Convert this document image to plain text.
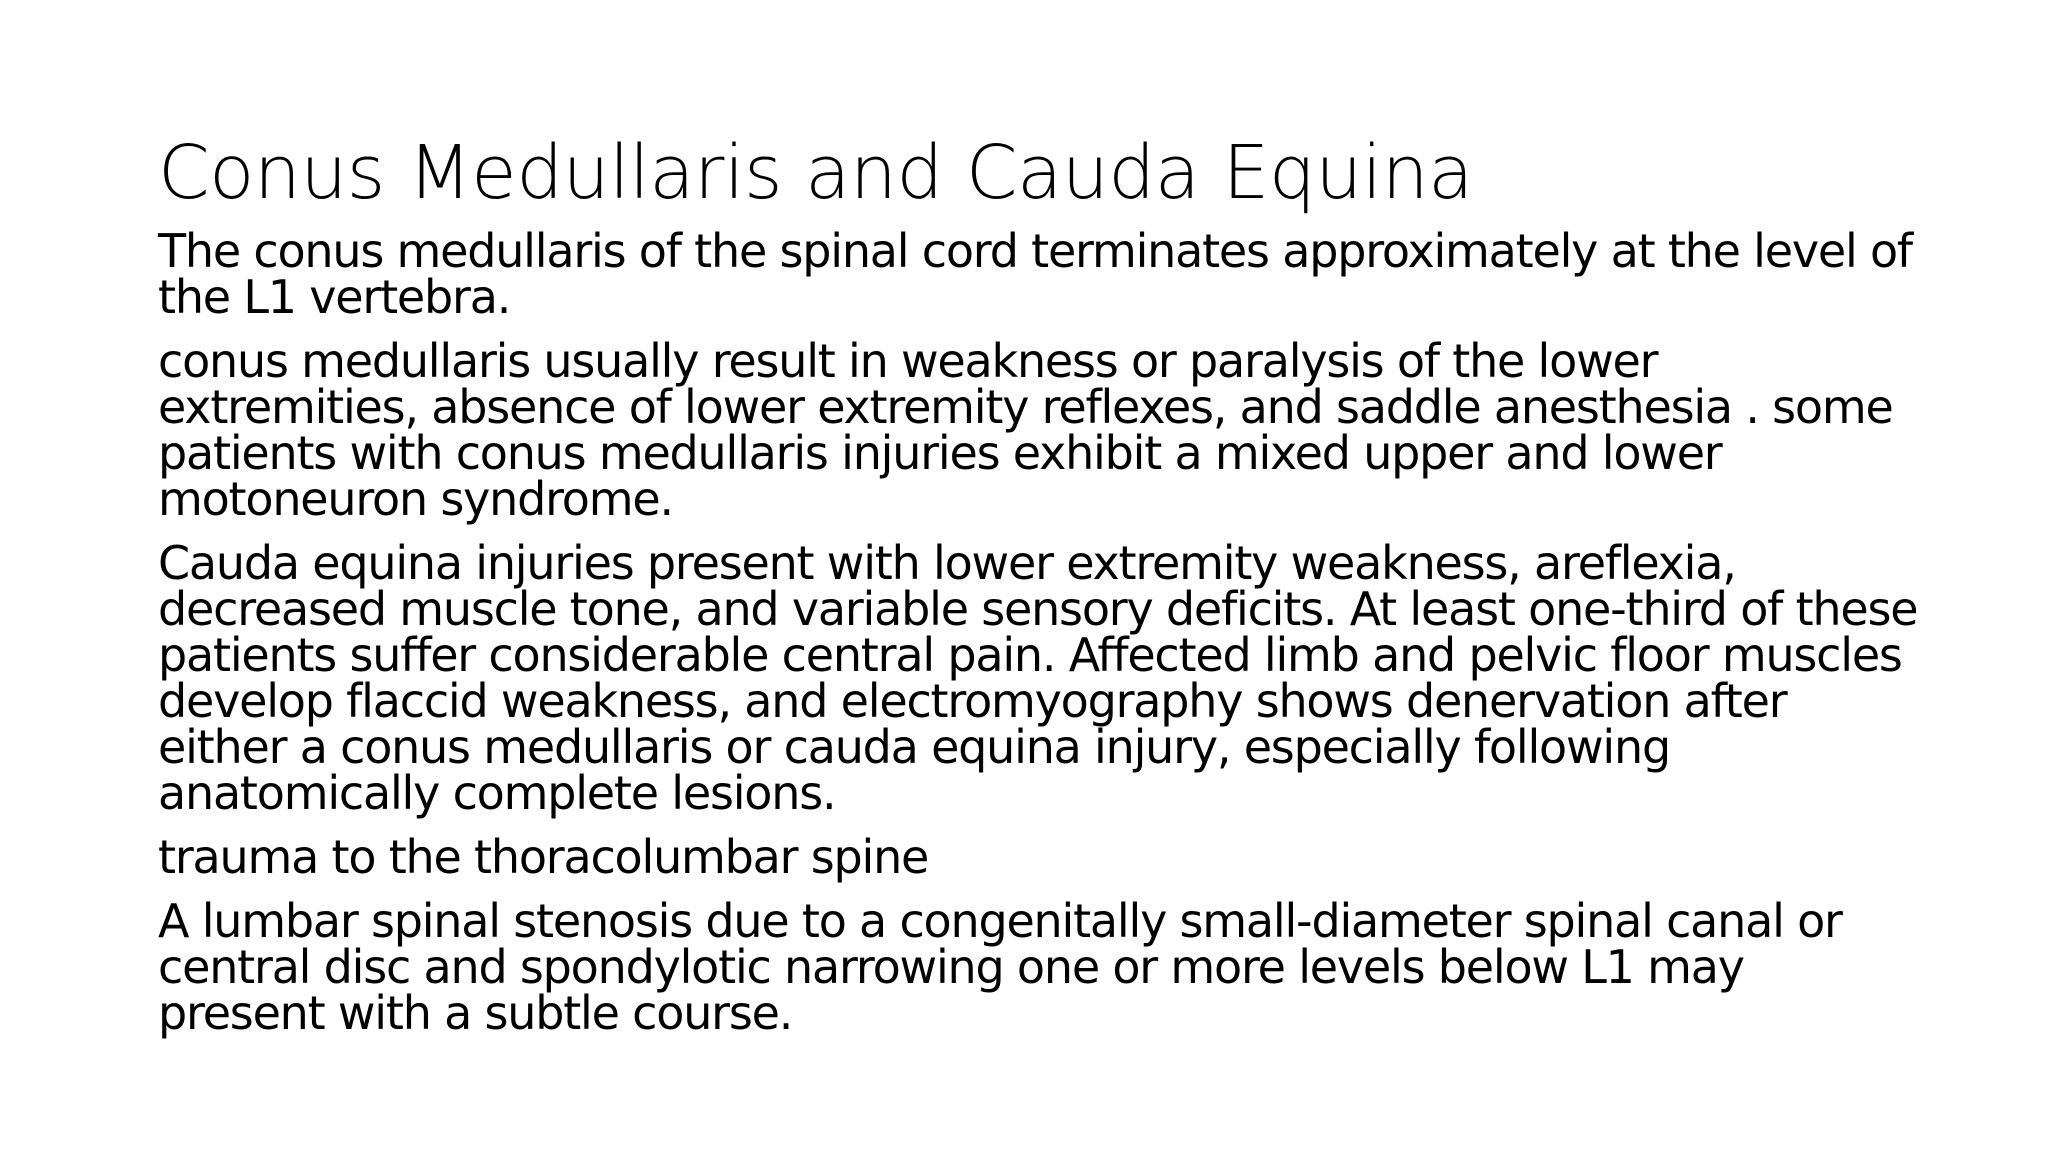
Conus Medullaris and Cauda Equina

The conus medullaris of the spinal cord terminates approximately at the level of the L1 vertebra.

conus medullaris usually result in weakness or paralysis of the lower extremities, absence of lower extremity reflexes, and saddle anesthesia . some patients with conus medullaris injuries exhibit a mixed upper and lower motoneuron syndrome.

Cauda equina injuries present with lower extremity weakness, areflexia, decreased muscle tone, and variable sensory deficits. At least one-third of these patients suffer considerable central pain. Affected limb and pelvic floor muscles develop flaccid weakness, and electromyography shows denervation after either a conus medullaris or cauda equina injury, especially following anatomically complete lesions.

trauma to the thoracolumbar spine

A lumbar spinal stenosis due to a congenitally small-diameter spinal canal or central disc and spondylotic narrowing one or more levels below L1 may present with a subtle course.
